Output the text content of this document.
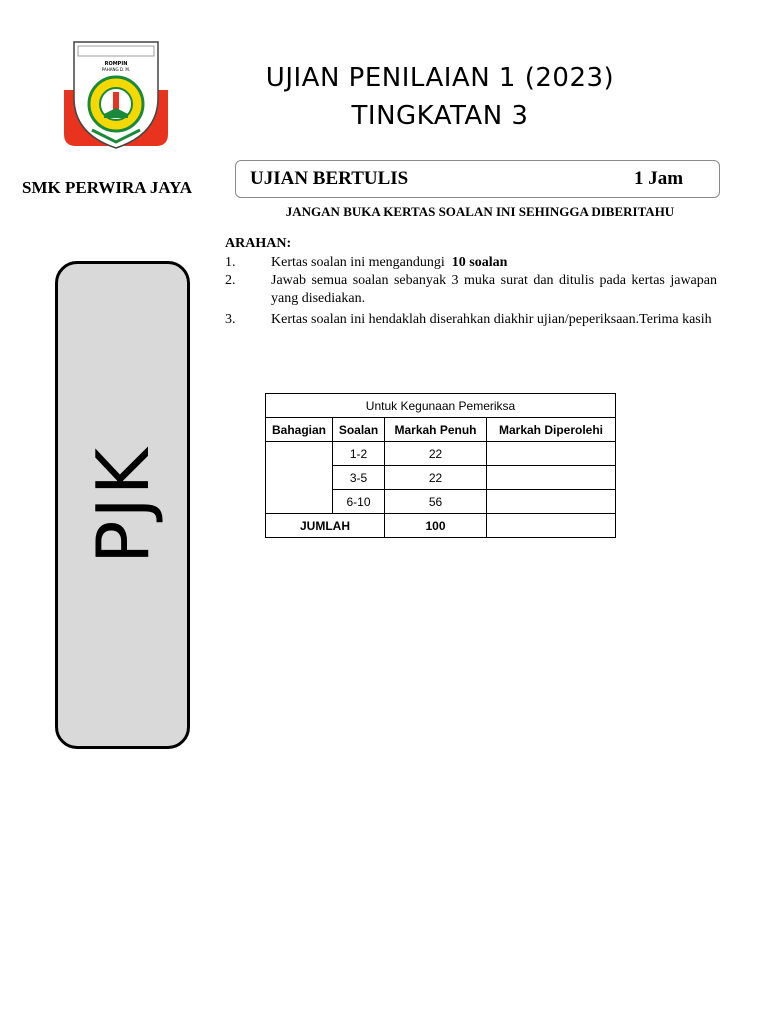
ROMPIN
PAHANG D. M.	UJIAN PENILAIAN 1 (2023)
TINGKATAN 3
SMK PERWIRA JAYA	UJIAN BERTULIS	1 Jam
JANGAN BUKA KERTAS SOALAN INI SEHINGGA DIBERITAHU
ARAHAN:
1.	Kertas soalan ini mengandungi 10 soalan
2.	Jawab semua soalan sebanyak 3 muka surat dan ditulis pada kertas jawapan yang disediakan.
3.	Kertas soalan ini hendaklah diserahkan diakhir ujian/peperiksaan.Terima kasih
PJK
Untuk Kegunaan Pemeriksa			
Bahagian	Soalan	Markah Penuh	Markah Diperolehi
	1-2	22	
	3-5	22	
	6-10	56	
JUMLAH		100	
